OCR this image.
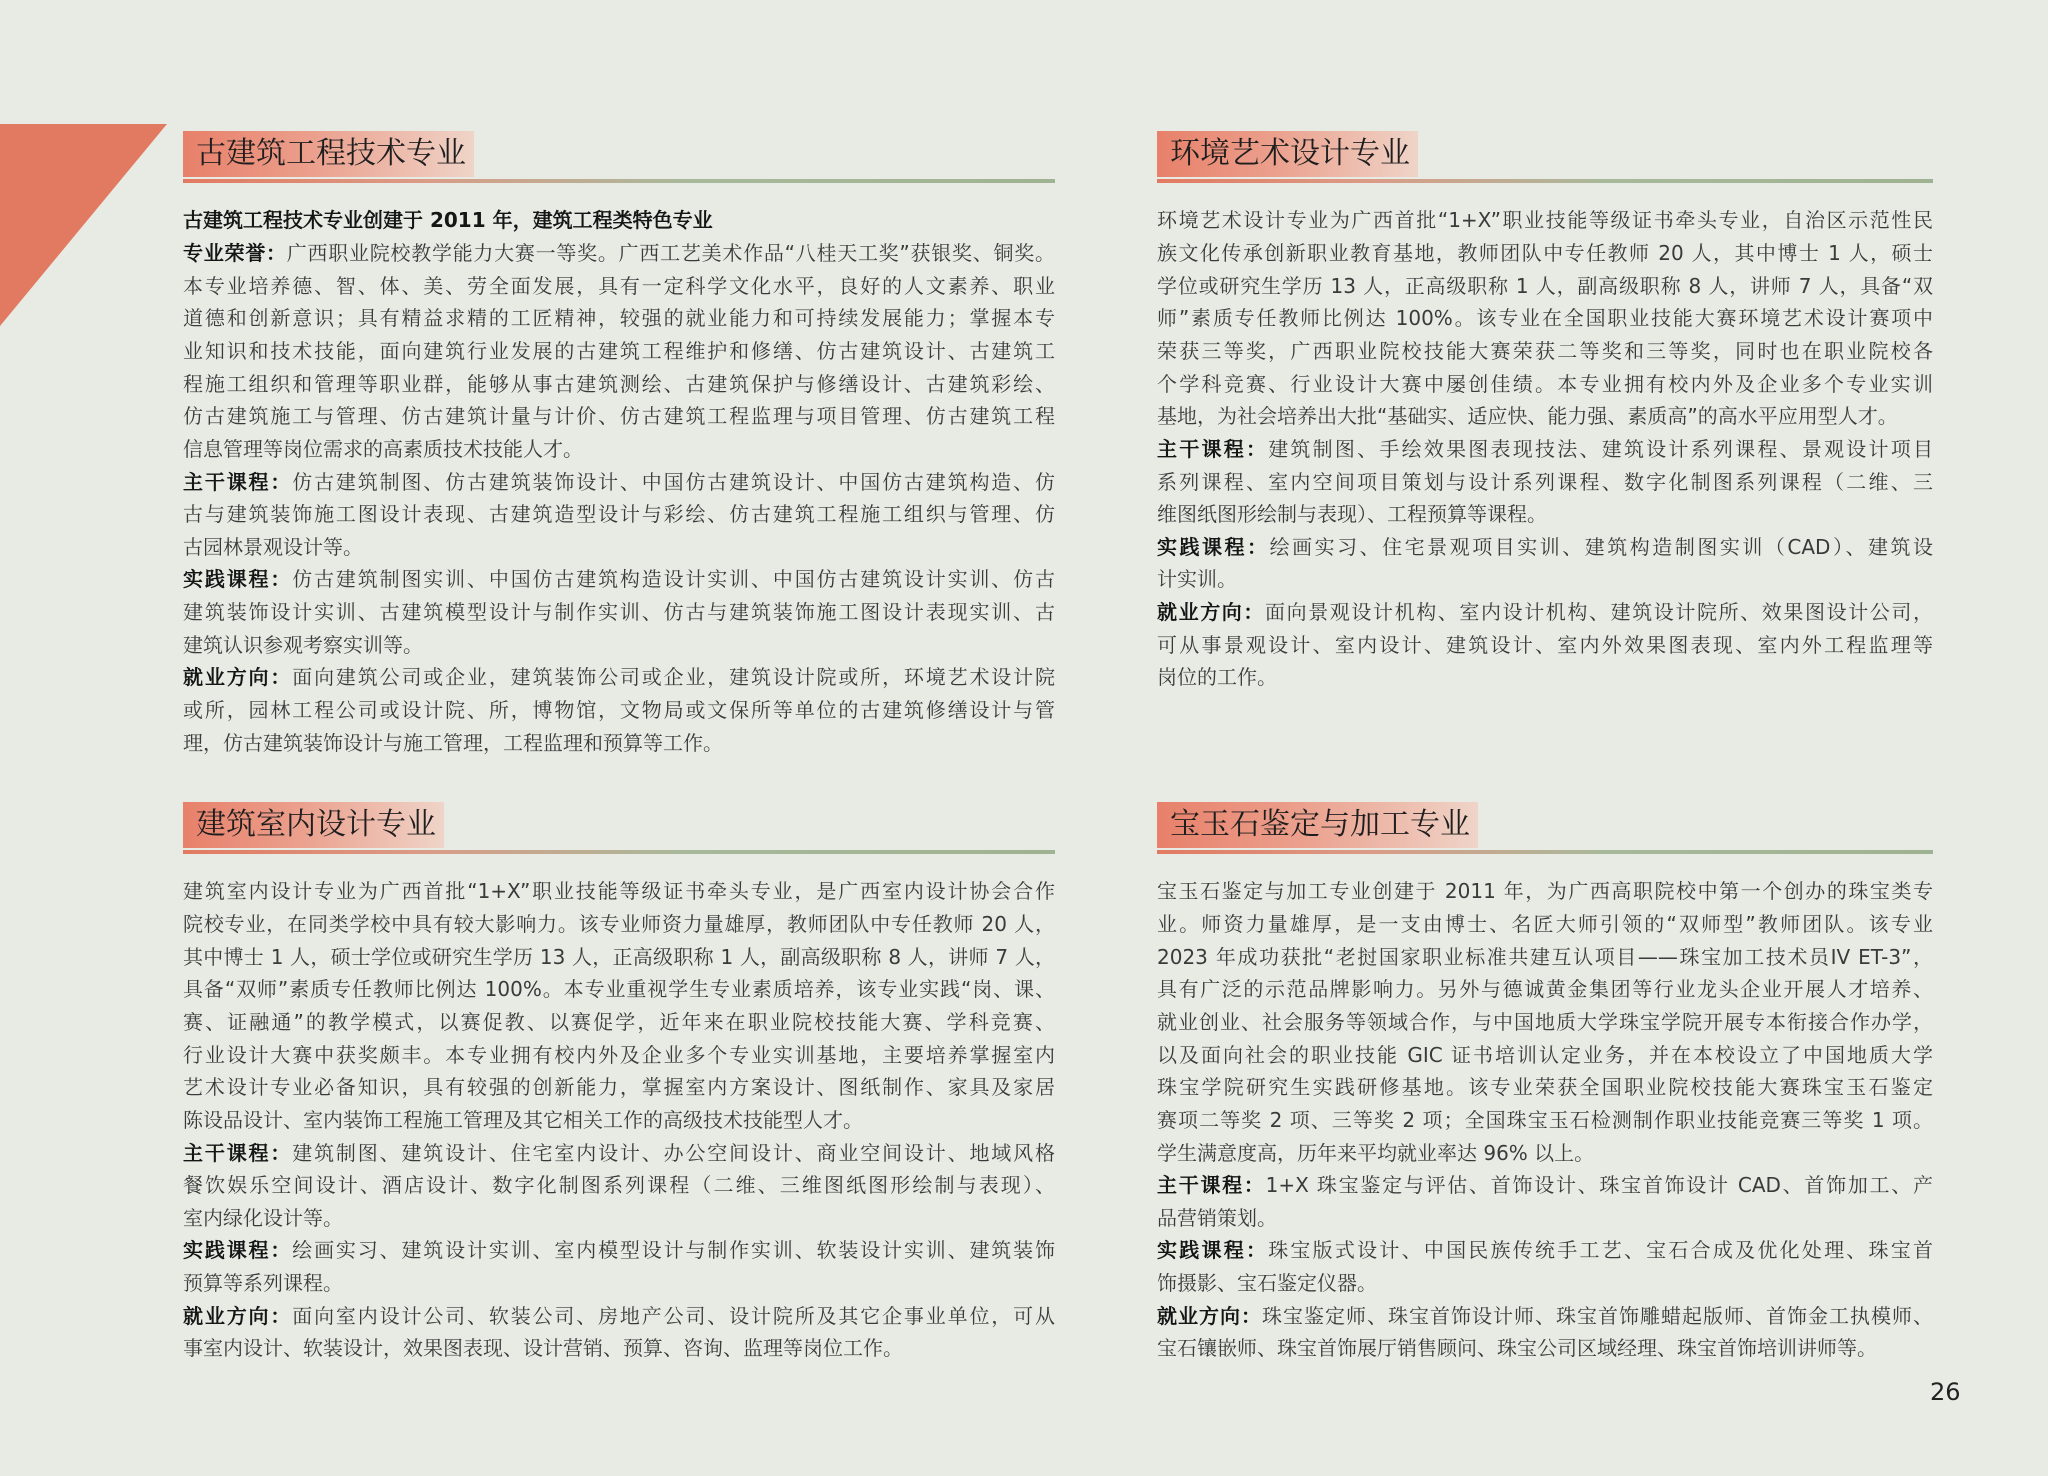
古建筑工程技术专业
古建筑工程技术专业创建于 2011 年，建筑工程类特色专业
专业荣誉：广西职业院校教学能力大赛一等奖。广西工艺美术作品“八桂天工奖”获银奖、铜奖。
本专业培养德、智、体、美、劳全面发展，具有一定科学文化水平，良好的人文素养、职业
道德和创新意识；具有精益求精的工匠精神，较强的就业能力和可持续发展能力；掌握本专
业知识和技术技能，面向建筑行业发展的古建筑工程维护和修缮、仿古建筑设计、古建筑工
程施工组织和管理等职业群，能够从事古建筑测绘、古建筑保护与修缮设计、古建筑彩绘、
仿古建筑施工与管理、仿古建筑计量与计价、仿古建筑工程监理与项目管理、仿古建筑工程
信息管理等岗位需求的高素质技术技能人才。
主干课程：仿古建筑制图、仿古建筑装饰设计、中国仿古建筑设计、中国仿古建筑构造、仿
古与建筑装饰施工图设计表现、古建筑造型设计与彩绘、仿古建筑工程施工组织与管理、仿
古园林景观设计等。
实践课程：仿古建筑制图实训、中国仿古建筑构造设计实训、中国仿古建筑设计实训、仿古
建筑装饰设计实训、古建筑模型设计与制作实训、仿古与建筑装饰施工图设计表现实训、古
建筑认识参观考察实训等。
就业方向：面向建筑公司或企业，建筑装饰公司或企业，建筑设计院或所，环境艺术设计院
或所，园林工程公司或设计院、所，博物馆，文物局或文保所等单位的古建筑修缮设计与管
理，仿古建筑装饰设计与施工管理，工程监理和预算等工作。
建筑室内设计专业
建筑室内设计专业为广西首批“1+X”职业技能等级证书牵头专业，是广西室内设计协会合作
院校专业，在同类学校中具有较大影响力。该专业师资力量雄厚，教师团队中专任教师 20 人，
其中博士 1 人，硕士学位或研究生学历 13 人，正高级职称 1 人，副高级职称 8 人，讲师 7 人，
具备“双师”素质专任教师比例达 100%。本专业重视学生专业素质培养，该专业实践“岗、课、
赛、证融通”的教学模式，以赛促教、以赛促学，近年来在职业院校技能大赛、学科竞赛、
行业设计大赛中获奖颇丰。本专业拥有校内外及企业多个专业实训基地，主要培养掌握室内
艺术设计专业必备知识，具有较强的创新能力，掌握室内方案设计、图纸制作、家具及家居
陈设品设计、室内装饰工程施工管理及其它相关工作的高级技术技能型人才。
主干课程：建筑制图、建筑设计、住宅室内设计、办公空间设计、商业空间设计、地域风格
餐饮娱乐空间设计、酒店设计、数字化制图系列课程（二维、三维图纸图形绘制与表现）、
室内绿化设计等。
实践课程：绘画实习、建筑设计实训、室内模型设计与制作实训、软装设计实训、建筑装饰
预算等系列课程。
就业方向：面向室内设计公司、软装公司、房地产公司、设计院所及其它企事业单位，可从
事室内设计、软装设计，效果图表现、设计营销、预算、咨询、监理等岗位工作。
环境艺术设计专业
环境艺术设计专业为广西首批“1+X”职业技能等级证书牵头专业，自治区示范性民
族文化传承创新职业教育基地，教师团队中专任教师 20 人，其中博士 1 人，硕士
学位或研究生学历 13 人，正高级职称 1 人，副高级职称 8 人，讲师 7 人，具备“双
师”素质专任教师比例达 100%。该专业在全国职业技能大赛环境艺术设计赛项中
荣获三等奖，广西职业院校技能大赛荣获二等奖和三等奖，同时也在职业院校各
个学科竞赛、行业设计大赛中屡创佳绩。本专业拥有校内外及企业多个专业实训
基地，为社会培养出大批“基础实、适应快、能力强、素质高”的高水平应用型人才。
主干课程：建筑制图、手绘效果图表现技法、建筑设计系列课程、景观设计项目
系列课程、室内空间项目策划与设计系列课程、数字化制图系列课程（二维、三
维图纸图形绘制与表现）、工程预算等课程。
实践课程：绘画实习、住宅景观项目实训、建筑构造制图实训（CAD）、建筑设
计实训。
就业方向：面向景观设计机构、室内设计机构、建筑设计院所、效果图设计公司，
可从事景观设计、室内设计、建筑设计、室内外效果图表现、室内外工程监理等
岗位的工作。
宝玉石鉴定与加工专业
宝玉石鉴定与加工专业创建于 2011 年，为广西高职院校中第一个创办的珠宝类专
业。师资力量雄厚，是一支由博士、名匠大师引领的“双师型”教师团队。该专业
2023 年成功获批“老挝国家职业标准共建互认项目——珠宝加工技术员IV ET-3”，
具有广泛的示范品牌影响力。另外与德诚黄金集团等行业龙头企业开展人才培养、
就业创业、社会服务等领域合作，与中国地质大学珠宝学院开展专本衔接合作办学，
以及面向社会的职业技能 GIC 证书培训认定业务，并在本校设立了中国地质大学
珠宝学院研究生实践研修基地。该专业荣获全国职业院校技能大赛珠宝玉石鉴定
赛项二等奖 2 项、三等奖 2 项；全国珠宝玉石检测制作职业技能竞赛三等奖 1 项。
学生满意度高，历年来平均就业率达 96% 以上。
主干课程：1+X 珠宝鉴定与评估、首饰设计、珠宝首饰设计 CAD、首饰加工、产
品营销策划。
实践课程：珠宝版式设计、中国民族传统手工艺、宝石合成及优化处理、珠宝首
饰摄影、宝石鉴定仪器。
就业方向：珠宝鉴定师、珠宝首饰设计师、珠宝首饰雕蜡起版师、首饰金工执模师、
宝石镶嵌师、珠宝首饰展厅销售顾问、珠宝公司区域经理、珠宝首饰培训讲师等。
26
